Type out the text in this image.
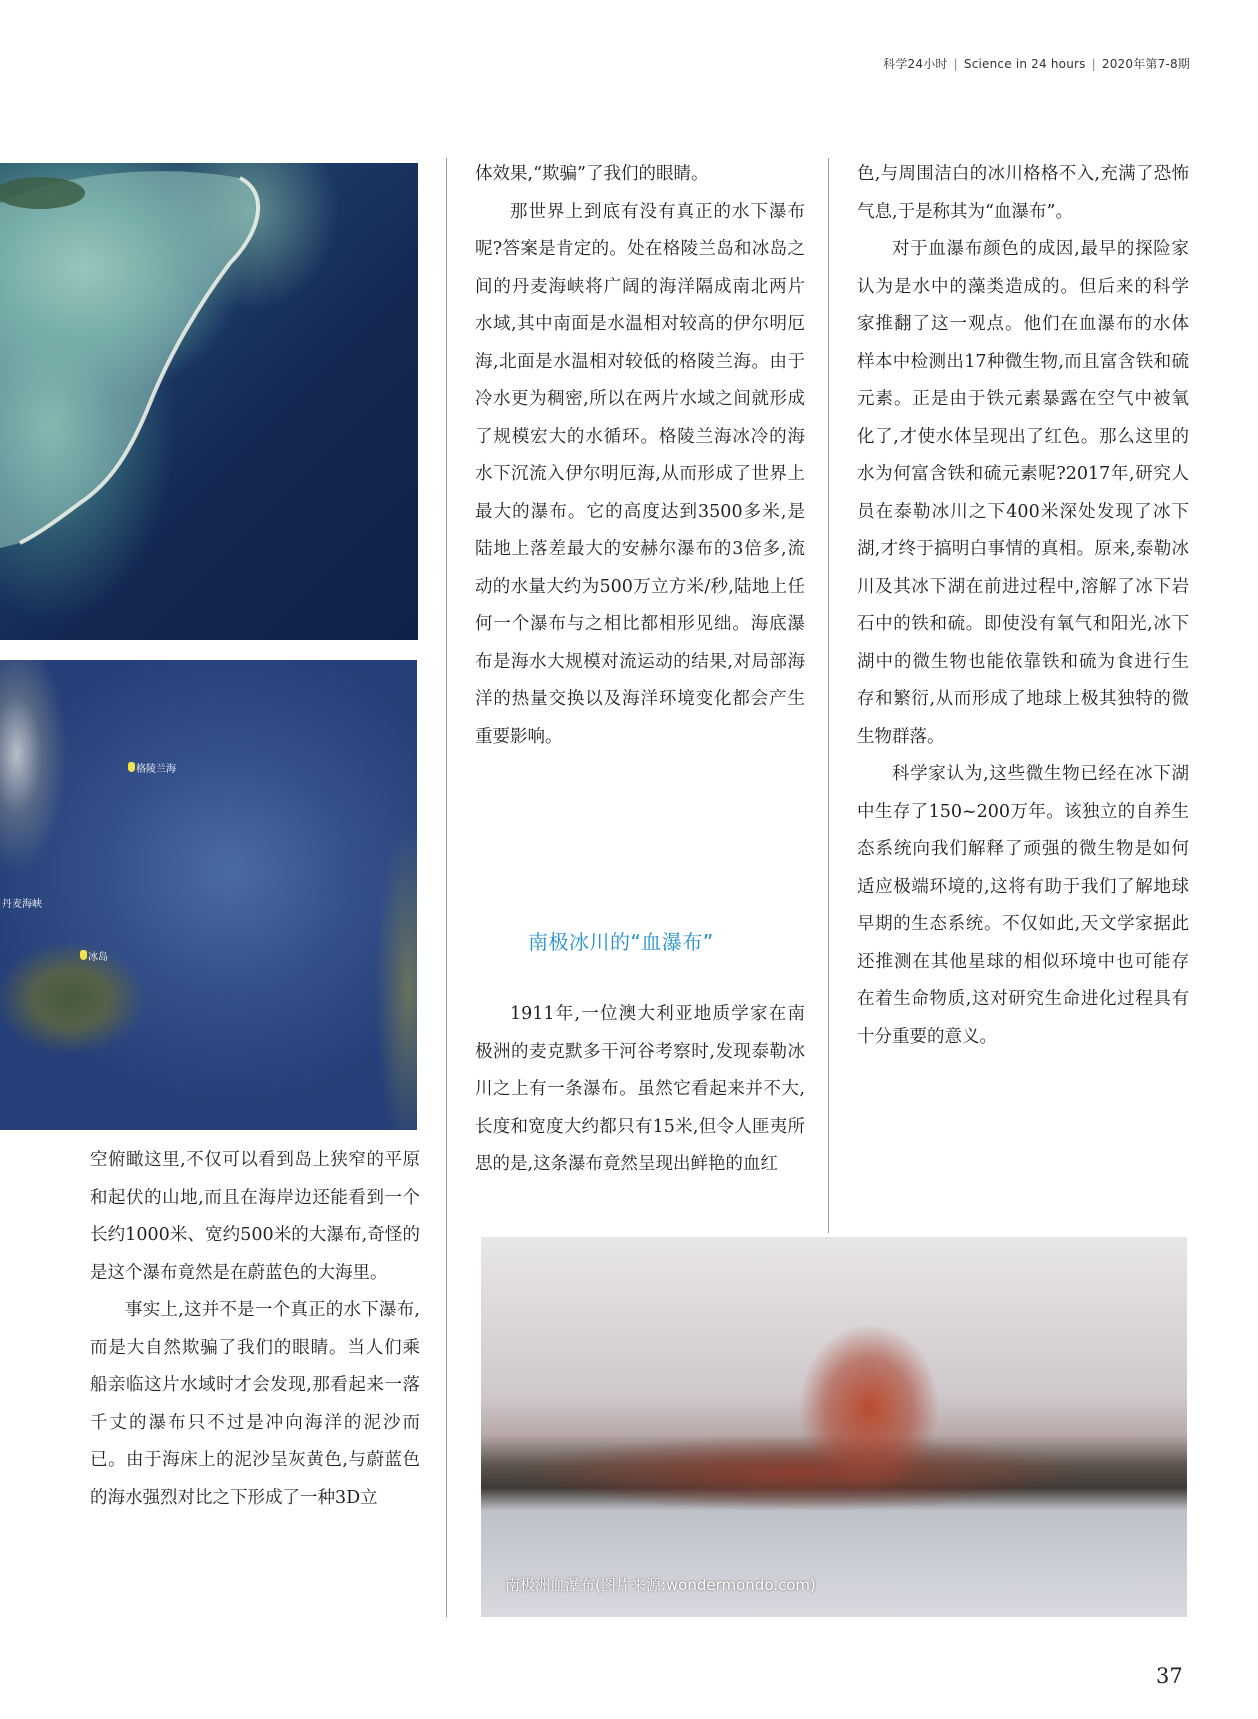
科学24小时 | Science in 24 hours | 2020年第7-8期
格陵兰海
丹麦海峡
冰岛

空俯瞰这里,不仅可以看到岛上狭窄的平原和起伏的山地,而且在海岸边还能看到一个长约1000米、宽约500米的大瀑布,奇怪的是这个瀑布竟然是在蔚蓝色的大海里。

事实上,这并不是一个真正的水下瀑布,而是大自然欺骗了我们的眼睛。当人们乘船亲临这片水域时才会发现,那看起来一落千丈的瀑布只不过是冲向海洋的泥沙而已。由于海床上的泥沙呈灰黄色,与蔚蓝色的海水强烈对比之下形成了一种3D立

体效果,“欺骗”了我们的眼睛。

那世界上到底有没有真正的水下瀑布呢?答案是肯定的。处在格陵兰岛和冰岛之间的丹麦海峡将广阔的海洋隔成南北两片水域,其中南面是水温相对较高的伊尔明厄海,北面是水温相对较低的格陵兰海。由于冷水更为稠密,所以在两片水域之间就形成了规模宏大的水循环。格陵兰海冰冷的海水下沉流入伊尔明厄海,从而形成了世界上最大的瀑布。它的高度达到3500多米,是陆地上落差最大的安赫尔瀑布的3倍多,流动的水量大约为500万立方米/秒,陆地上任何一个瀑布与之相比都相形见绌。海底瀑布是海水大规模对流运动的结果,对局部海洋的热量交换以及海洋环境变化都会产生重要影响。

南极冰川的“血瀑布”

1911年,一位澳大利亚地质学家在南极洲的麦克默多干河谷考察时,发现泰勒冰川之上有一条瀑布。虽然它看起来并不大,长度和宽度大约都只有15米,但令人匪夷所思的是,这条瀑布竟然呈现出鲜艳的血红

色,与周围洁白的冰川格格不入,充满了恐怖气息,于是称其为“血瀑布”。

对于血瀑布颜色的成因,最早的探险家认为是水中的藻类造成的。但后来的科学家推翻了这一观点。他们在血瀑布的水体样本中检测出17种微生物,而且富含铁和硫元素。正是由于铁元素暴露在空气中被氧化了,才使水体呈现出了红色。那么这里的水为何富含铁和硫元素呢?2017年,研究人员在泰勒冰川之下400米深处发现了冰下湖,才终于搞明白事情的真相。原来,泰勒冰川及其冰下湖在前进过程中,溶解了冰下岩石中的铁和硫。即使没有氧气和阳光,冰下湖中的微生物也能依靠铁和硫为食进行生存和繁衍,从而形成了地球上极其独特的微生物群落。

科学家认为,这些微生物已经在冰下湖中生存了150~200万年。该独立的自养生态系统向我们解释了顽强的微生物是如何适应极端环境的,这将有助于我们了解地球早期的生态系统。不仅如此,天文学家据此还推测在其他星球的相似环境中也可能存在着生命物质,这对研究生命进化过程具有十分重要的意义。

南极洲血瀑布(图片来源:wondermondo.com)
37
